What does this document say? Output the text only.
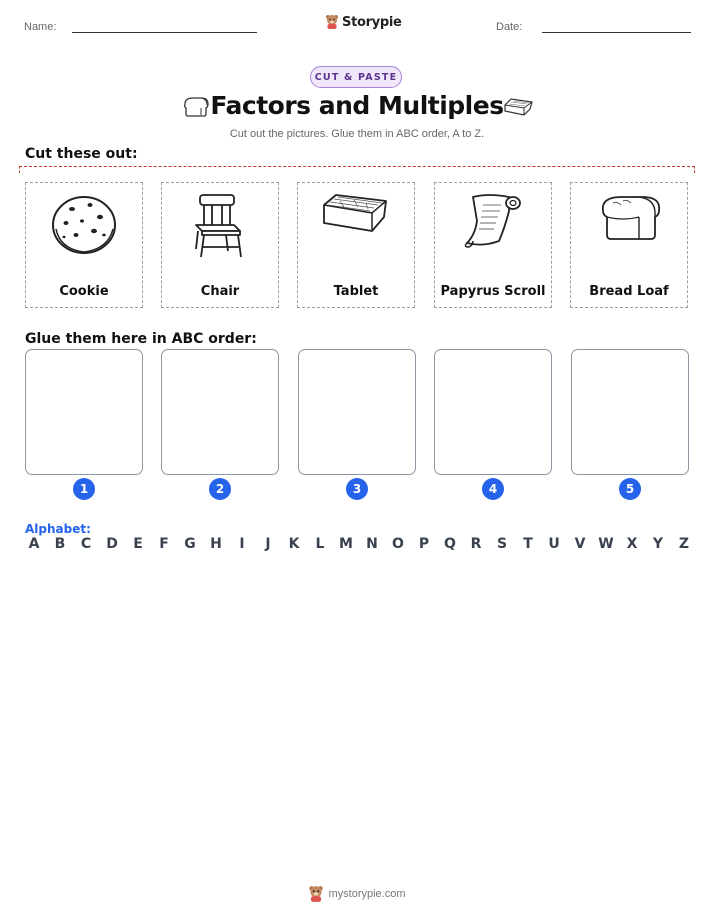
Name:	Storypie	Date:
CUT & PASTE
Factors and Multiples
Cut out the pictures. Glue them in ABC order, A to Z.
Cut these out:
Cookie	Chair	Tablet	Papyrus Scroll	Bread Loaf
Glue them here in ABC order:
1	2	3	4	5
Alphabet:
A B C D	E	F	G H	I	J	K	L	M N O P Q R S	T	U V W X Y Z
mystorypie.com
